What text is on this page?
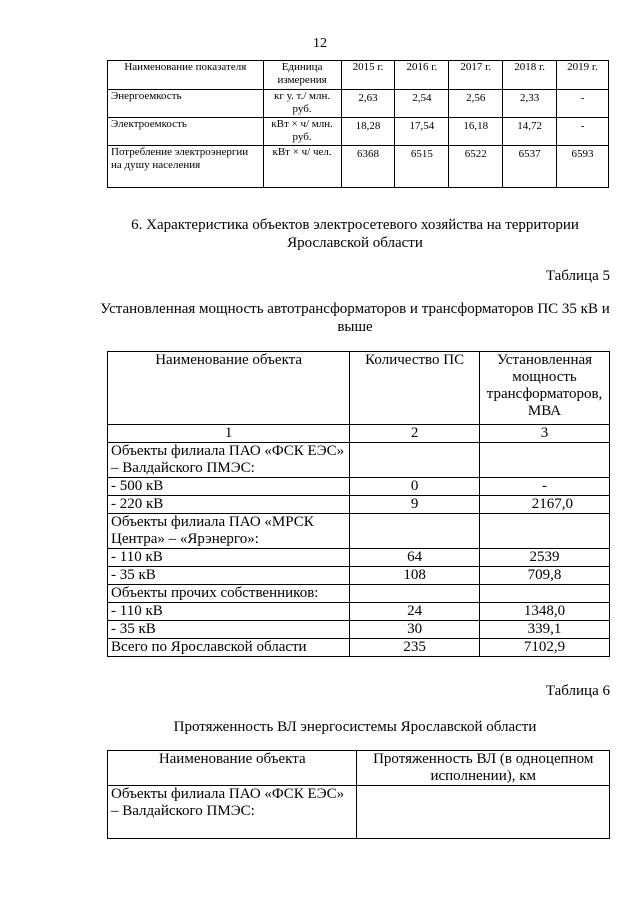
12
Наименование показателя	Единица измерения	2015 г.	2016 г.	2017 г.	2018 г.	2019 г.
Энергоемкость	кг у. т./ млн. руб.	2,63	2,54	2,56	2,33	-
Электроемкость	кВт × ч/ млн. руб.	18,28	17,54	16,18	14,72	-
Потребление электроэнергии на душу населения	кВт × ч/ чел.	6368	6515	6522	6537	6593
6. Характеристика объектов электросетевого хозяйства на территории Ярославской области
Таблица 5
Установленная мощность автотрансформаторов и трансформаторов ПС 35 кВ и выше
Наименование объекта	Количество ПС	Установленная мощность трансформаторов, МВА
1	2	3
Объекты филиала ПАО «ФСК ЕЭС» – Валдайского ПМЭС:		
- 500 кВ	0	-
- 220 кВ	9	2167,0
Объекты филиала ПАО «МРСК Центра» – «Ярэнерго»:		
- 110 кВ	64	2539
- 35 кВ	108	709,8
Объекты прочих собственников:		
- 110 кВ	24	1348,0
- 35 кВ	30	339,1
Всего по Ярославской области	235	7102,9
Таблица 6
Протяженность ВЛ энергосистемы Ярославской области
Наименование объекта	Протяженность ВЛ (в одноцепном исполнении), км
Объекты филиала ПАО «ФСК ЕЭС» – Валдайского ПМЭС:	
